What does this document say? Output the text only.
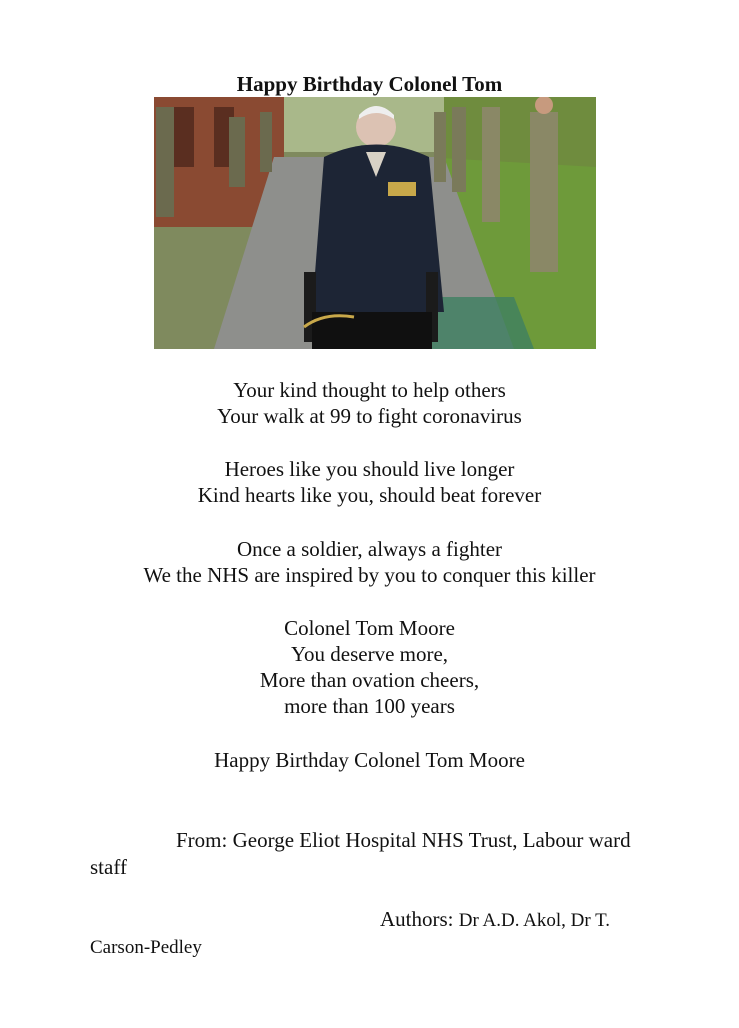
Happy Birthday Colonel Tom
Your kind thought to help others
Your walk at 99 to fight coronavirus
Heroes like you should live longer
Kind hearts like you, should beat forever
Once a soldier, always a fighter
We the NHS are inspired by you to conquer this killer
Colonel Tom Moore
You deserve more,
More than ovation cheers,
more than 100 years
Happy Birthday Colonel Tom Moore
From: George Eliot Hospital NHS Trust, Labour ward staff
Authors: Dr A.D. Akol, Dr T.
Carson-Pedley
